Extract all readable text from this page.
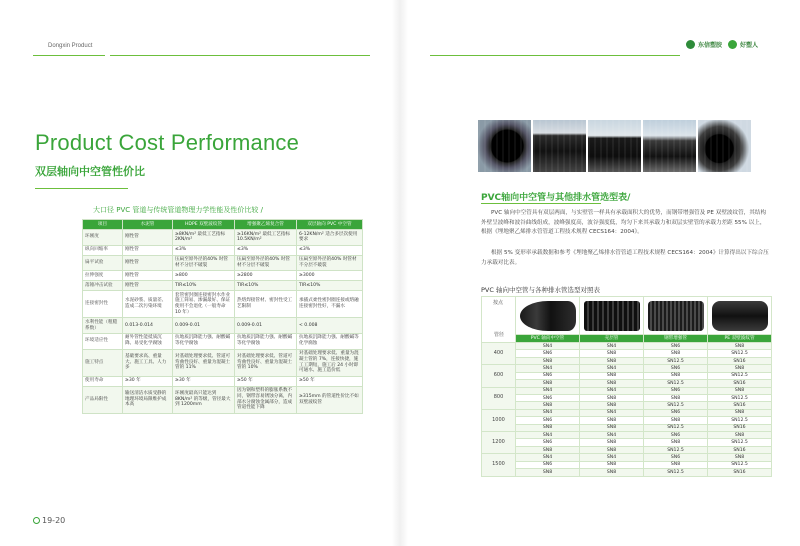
Dongxin Product	东信塑胶	好塑人
Product Cost Performance
双层轴向中空管性价比
大口径 PVC 管道与传统管道物理力学性能及性价比较 /
项目	水泥管	HDPE 双壁波纹管	增强聚乙烯复合管	双层轴向 PVC 中空管
环刚度	刚性管	≥8KN/m² 最低工艺指标 2KN/m²	≥16KN/m² 最低工艺指标 10.5KN/m²	6-12KN/m² 适合多层次使用要求
纵向回缩率	刚性管	≤3%	≤3%	≤3%
扁平试验	刚性管	压扁至原外径的40% 时管材不分层不破裂	压扁至原外径的40% 时管材不分层不破裂	压扁至原外径的40% 时管材不分层不破裂
拉伸强度	刚性管	≥800	≥2800	≥3000
落锤冲击试验	刚性管	TIR≤10%	TIR≤10%	TIR≤10%
连接密封性	水泥砂浆、质量差、造成二次污染环境	套管密封圈连接密封水作业施工简易、渗漏最好、保证使用不会退化（一般寿命 10 年）	热熔焊接管材、密封性受工艺限制	承插式柔性密封圈连接或熔融连接密封性好，不漏水
水利性能（粗糙系数）	0.013-0.014	0.009-0.01	0.009-0.01	< 0.008
环境适应性	耐外管性能抵质沉降、易受化学腐蚀	抗地质沉降能力强、耐酸碱等化学腐蚀	抗地质沉降能力强、耐酸碱等化学腐蚀	抗地质沉降能力强、耐酸碱等化学腐蚀
施工特点	基础要求高、重量大、施工工具、人力多	对基础处理要求低、管道可弯曲性良好、重量为混凝土管的 11%	对基础处理要求低、管道可弯曲性良好、重量为混凝土管的 10%	对基础处理要求低、重量为混凝土管的 7%，连接快捷，施工工期短，施工后 24 小时即可通水、施工造价低
使用寿命	≥30 年	≥30 年	≥50 年	≥50 年
产品局限性	输送清洁水质受静的地理环境局限维护成本高	环刚度最高只能达到 8KN/m² 的等级，管径最大到 1200mm	因为钢和塑料的膨胀系数不同，钢带容易锈蚀分离，内部水分腐蚀金属部分，造成管道性能下降	≥315mm 的管道性价比不如双壁波纹管
19-20
PVC轴向中空管与其他排水管选型表/

PVC 轴向中空管具有双层两面，与实壁管一样具有承载面积大的优势，而钢带增强管及 PE 双壁波纹管，其结构外壁呈波峰和波谷曲线组成，波峰强度高，波谷强度低，均匀下来其承载力和双层实壁管的承载力差距 55% 以上，根据《埋地聚乙烯排水管管道工程技术规程 CECS164：2004》。

根据 5% 变形率承载数据和参考《埋地聚乙烯排水管管道工程技术规程 CECS164：2004》计算得出以下综合压力承载对比表。

PVC 轴向中空管与各种排水管选型对照表
按点
管径				

	PVC 轴向中空管	壳层管	钢带增强管	PE 双壁波纹管
400	SN4	SN4	SN6	SN8
	SN6	SN8	SN8	SN12.5
	SN8	SN8	SN12.5	SN16
600	SN4	SN4	SN6	SN8
	SN6	SN8	SN8	SN12.5
	SN8	SN8	SN12.5	SN16
800	SN4	SN4	SN6	SN8
	SN6	SN8	SN8	SN12.5
	SN8	SN8	SN12.5	SN16
1000	SN4	SN4	SN6	SN8
	SN6	SN8	SN8	SN12.5
	SN8	SN8	SN12.5	SN16
1200	SN4	SN4	SN6	SN8
	SN6	SN8	SN8	SN12.5
	SN8	SN8	SN12.5	SN16
1500	SN4	SN4	SN6	SN8
	SN6	SN8	SN8	SN12.5
	SN8	SN8	SN12.5	SN16
